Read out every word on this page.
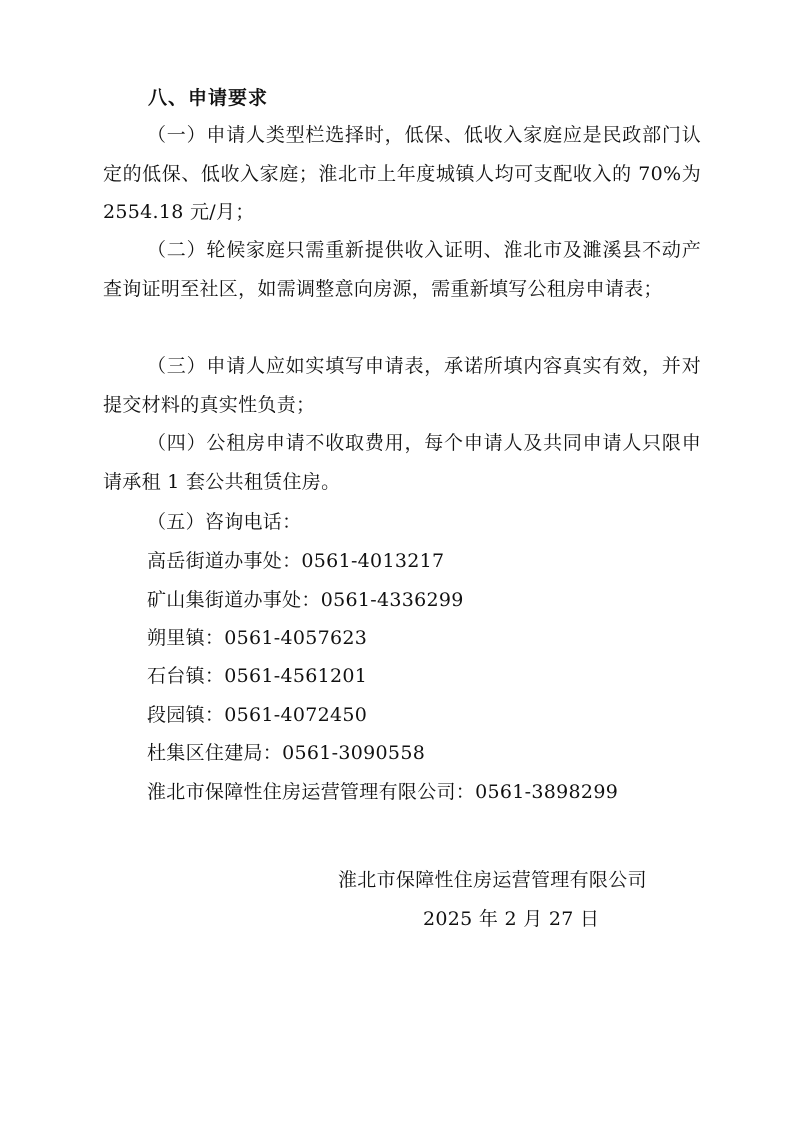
八、申请要求

（一）申请人类型栏选择时，低保、低收入家庭应是民政部门认定的低保、低收入家庭；淮北市上年度城镇人均可支配收入的 70%为 2554.18 元/月；

（二）轮候家庭只需重新提供收入证明、淮北市及濉溪县不动产查询证明至社区，如需调整意向房源，需重新填写公租房申请表；

（三）申请人应如实填写申请表，承诺所填内容真实有效，并对提交材料的真实性负责；

（四）公租房申请不收取费用，每个申请人及共同申请人只限申请承租 1 套公共租赁住房。

（五）咨询电话：
高岳街道办事处：0561-4013217
矿山集街道办事处：0561-4336299
朔里镇：0561-4057623
石台镇：0561-4561201
段园镇：0561-4072450
杜集区住建局：0561-3090558
淮北市保障性住房运营管理有限公司：0561-3898299
淮北市保障性住房运营管理有限公司
2025 年 2 月 27 日
